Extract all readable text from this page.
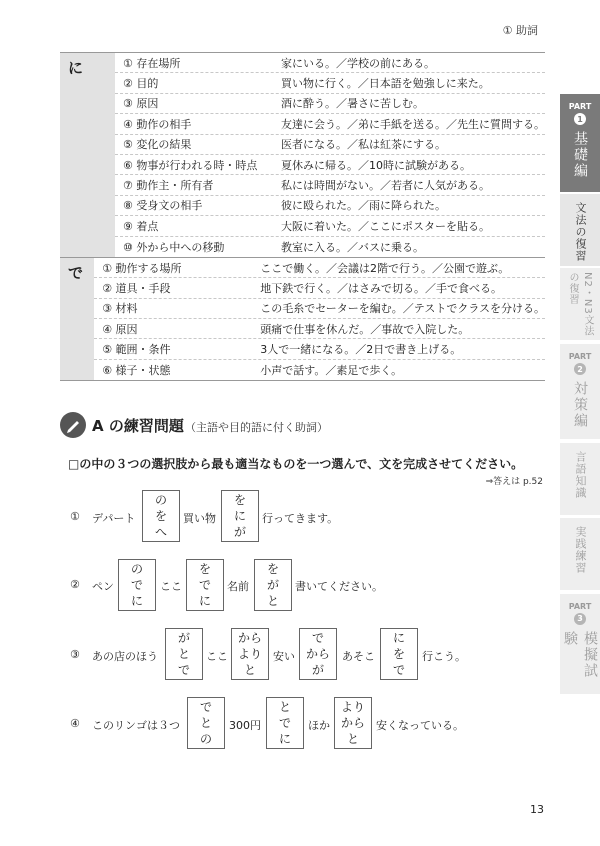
① 助詞
に	① 存在場所	家にいる。／学校の前にある。
② 目的	買い物に行く。／日本語を勉強しに来た。
③ 原因	酒に酔う。／暑さに苦しむ。
④ 動作の相手	友達に会う。／弟に手紙を送る。／先生に質問する。
⑤ 変化の結果	医者になる。／私は紅茶にする。
⑥ 物事が行われる時・時点	夏休みに帰る。／10時に試験がある。
⑦ 動作主・所有者	私には時間がない。／若者に人気がある。
⑧ 受身文の相手	彼に殴られた。／雨に降られた。
⑨ 着点	大阪に着いた。／ここにポスターを貼る。
⑩ 外から中への移動	教室に入る。／バスに乗る。
で	① 動作する場所	ここで働く。／会議は2階で行う。／公園で遊ぶ。
② 道具・手段	地下鉄で行く。／はさみで切る。／手で食べる。
③ 材料	この毛糸でセーターを編む。／テストでクラスを分ける。
④ 原因	頭痛で仕事を休んだ。／事故で入院した。
⑤ 範囲・条件	3人で一緒になる。／2日で書き上げる。
⑥ 様子・状態	小声で話す。／素足で歩く。
PART
1
基礎編
文法の復習
N2・N3文法の復習
PART
2
対策編
言語知識
実践練習
PART
3
模擬試験
A の練習問題 （主語や目的語に付く助詞）
□の中の３つの選択肢から最も適当なものを一つ選んで、文を完成させてください。
⇒答えは p.52
① デパート
の
を
へ
買い物
を
に
が
行ってきます。
② ペン
の
で
に
ここ
を
で
に
名前
を
が
と
書いてください。
③ あの店のほう
が
と
で
ここ
から
より
と
安い
で
から
が
あそこ
に
を
で
行こう。
④ このリンゴは３つ
で
と
の
300円
と
で
に
ほか
より
から
と
安くなっている。
13
